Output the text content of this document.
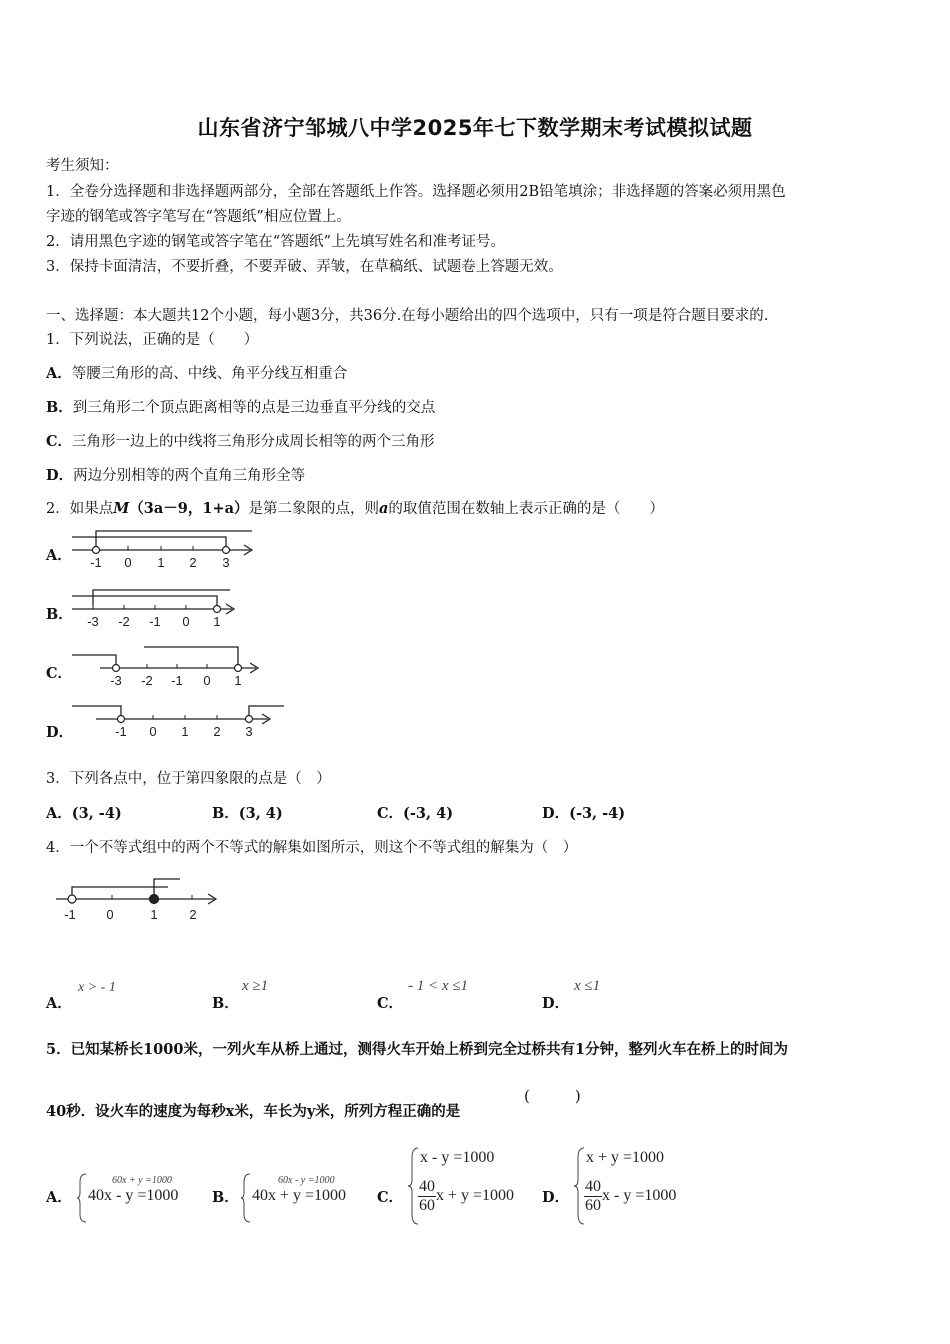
山东省济宁邹城八中学2025年七下数学期末考试模拟试题
考生须知：
1．全卷分选择题和非选择题两部分，全部在答题纸上作答。选择题必须用2B铅笔填涂；非选择题的答案必须用黑色
字迹的钢笔或答字笔写在“答题纸”相应位置上。
2．请用黑色字迹的钢笔或答字笔在“答题纸”上先填写姓名和准考证号。
3．保持卡面清洁，不要折叠，不要弄破、弄皱，在草稿纸、试题卷上答题无效。
一、选择题：本大题共12个小题，每小题3分，共36分.在每小题给出的四个选项中，只有一项是符合题目要求的.
1．下列说法，正确的是（　　）
A．等腰三角形的高、中线、角平分线互相重合
B．到三角形二个顶点距离相等的点是三边垂直平分线的交点
C．三角形一边上的中线将三角形分成周长相等的两个三角形
D．两边分别相等的两个直角三角形全等
2．如果点M（3a－9，1+a）是第二象限的点，则a的取值范围在数轴上表示正确的是（　　）
A． -1 0 1 2 3
B． -3 -2 -1 0 1
C．	-3 -2 -1 0 1
D．	-1 0 1 2 3
3．下列各点中，位于第四象限的点是（　）
A．(3, -4)	B．(3, 4)	C．(-3, 4)	D．(-3, -4)
4．一个不等式组中的两个不等式的解集如图所示，则这个不等式组的解集为（　）
-1 0	1 2
A．
x > - 1
B．
x ≥1
C．
- 1 < x ≤1
D．
x ≤1
5．已知某桥长1000米，一列火车从桥上通过，测得火车开始上桥到完全过桥共有1分钟，整列火车在桥上的时间为
40秒．设火车的速度为每秒x米，车长为y米，所列方程正确的是
(　　　)
A．
60x + y =1000
40x - y =1000 B．
60x - y =1000
40x + y =1000 C．
x - y =1000
$\frac{40}{60}$ x + y =1000 D．
x + y =1000
$\frac{40}{60}$ x - y =1000
